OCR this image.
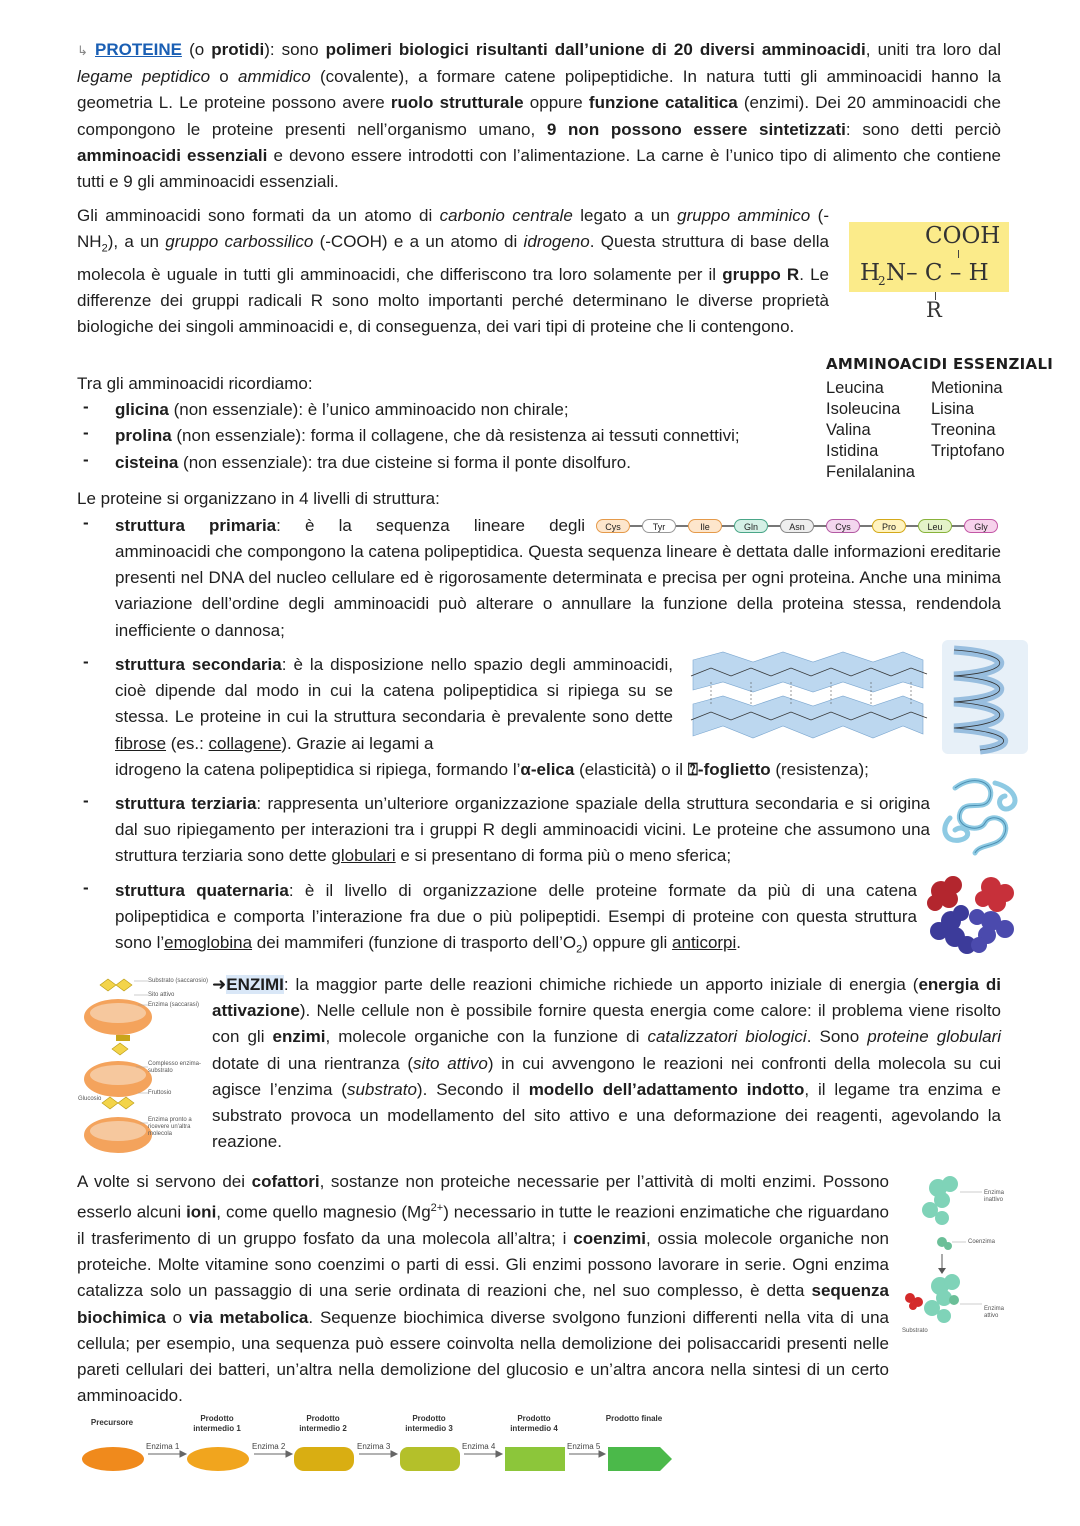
↳ PROTEINE (o protidi): sono polimeri biologici risultanti dall’unione di 20 diversi amminoacidi, uniti tra loro dal legame peptidico o ammidico (covalente), a formare catene polipeptidiche. In natura tutti gli amminoacidi hanno la geometria L. Le proteine possono avere ruolo strutturale oppure funzione catalitica (enzimi). Dei 20 amminoacidi che compongono le proteine presenti nell’organismo umano, 9 non possono essere sintetizzati: sono detti perciò amminoacidi essenziali e devono essere introdotti con l’alimentazione. La carne è l’unico tipo di alimento che contiene tutti e 9 gli amminoacidi essenziali.
Gli amminoacidi sono formati da un atomo di carbonio centrale legato a un gruppo amminico $(-NH_2)$, a un gruppo carbossilico (-COOH) e a un atomo di idrogeno. Questa struttura di base della molecola è uguale in tutti gli amminoacidi, che differiscono tra loro solamente per il gruppo R. Le differenze dei gruppi radicali R sono molto importanti perché determinano le diverse proprietà biologiche dei singoli amminoacidi e, di conseguenza, dei vari tipi di proteine che li contengono.
COOH
H
2 N– C – H
R
AMMINOACIDI ESSENZIALI
Leucina
Isoleucina
Valina
Istidina
Fenilalanina
Metionina
Lisina
Treonina
Triptofano
Tra gli amminoacidi ricordiamo:
- glicina (non essenziale): è l’unico amminoacido non chirale;
- prolina (non essenziale): forma il collagene, che dà resistenza ai tessuti connettivi;
- cisteina (non essenziale): tra due cisteine si forma il ponte disolfuro.
Le proteine si organizzano in 4 livelli di struttura:
- struttura primaria: è la sequenza lineare degli	Cys	Tyr	Ile	Gln	Asn	Cys	Pro	Leu	Gly
amminoacidi che compongono la catena polipeptidica. Questa sequenza lineare è dettata dalle informazioni ereditarie presenti nel DNA del nucleo cellulare ed è rigorosamente determinata e precisa per ogni proteina. Anche una minima variazione dell’ordine degli amminoacidi può alterare o annullare la funzione della proteina stessa, rendendola inefficiente o dannosa;
- struttura secondaria: è la disposizione nello spazio degli amminoacidi, cioè dipende dal modo in cui la catena polipeptidica si ripiega su se stessa. Le proteine in cui la struttura secondaria è prevalente sono dette fibrose (es.: collagene). Grazie ai legami a
idrogeno la catena polipeptidica si ripiega, formando l’α-elica (elasticità) o il ⍰-foglietto (resistenza);
- struttura terziaria: rappresenta un’ulteriore organizzazione spaziale della struttura secondaria e si origina dal suo ripiegamento per interazioni tra i gruppi R degli amminoacidi vicini. Le proteine che assumono una struttura terziaria sono dette globulari e si presentano di forma più o meno sferica;
- struttura quaternaria: è il livello di organizzazione delle proteine formate da più di una catena polipeptidica e comporta l’interazione fra due o più polipeptidi. Esempi di proteine con questa struttura sono l’emoglobina dei mammiferi (funzione di trasporto $dell’O_2$) oppure gli anticorpi.
➜ENZIMI: la maggior parte delle reazioni chimiche richiede un apporto iniziale di energia (energia di attivazione). Nelle cellule non è possibile fornire questa energia come calore: il problema viene risolto con gli enzimi, molecole organiche con la funzione di catalizzatori biologici. Sono proteine globulari dotate di una rientranza (sito attivo) in cui avvengono le reazioni nei confronti della molecola su cui agisce l’enzima (substrato). Secondo il modello dell’adattamento indotto, il legame tra enzima e substrato provoca un modellamento del sito attivo e una deformazione dei reagenti, agevolando la reazione.
Substrato (saccarosio)
Sito attivo
Enzima (saccarasi)
Complesso enzima-substrato
Glucosio
Fruttosio
Enzima pronto a ricevere un'altra molecola
A volte si servono dei cofattori, sostanze non proteiche necessarie per l’attività di molti enzimi. Possono esserlo alcuni ioni, come quello magnesio $(Mg^{2+})$ necessario in tutte le reazioni enzimatiche che riguardano il trasferimento di un gruppo fosfato da una molecola all’altra; i coenzimi, ossia molecole organiche non proteiche. Molte vitamine sono coenzimi o parti di essi. Gli enzimi possono lavorare in serie. Ogni enzima catalizza solo un passaggio di una serie ordinata di reazioni che, nel suo complesso, è detta sequenza biochimica o via metabolica. Sequenze biochimica diverse svolgono funzioni differenti nella vita di una cellula; per esempio, una sequenza può essere coinvolta nella demolizione dei polisaccaridi presenti nelle pareti cellulari dei batteri, un’altra nella demolizione del glucosio e un’altra ancora nella sintesi di un certo amminoacido.
Enzima inattivo
Coenzima
Enzima attivo
Substrato
Precursore	Prodotto intermedio 1
Prodotto intermedio 2
Prodotto intermedio 3
Prodotto intermedio 4
Prodotto finale
Enzima 1	Enzima 2	Enzima 3	Enzima 4	Enzima 5
